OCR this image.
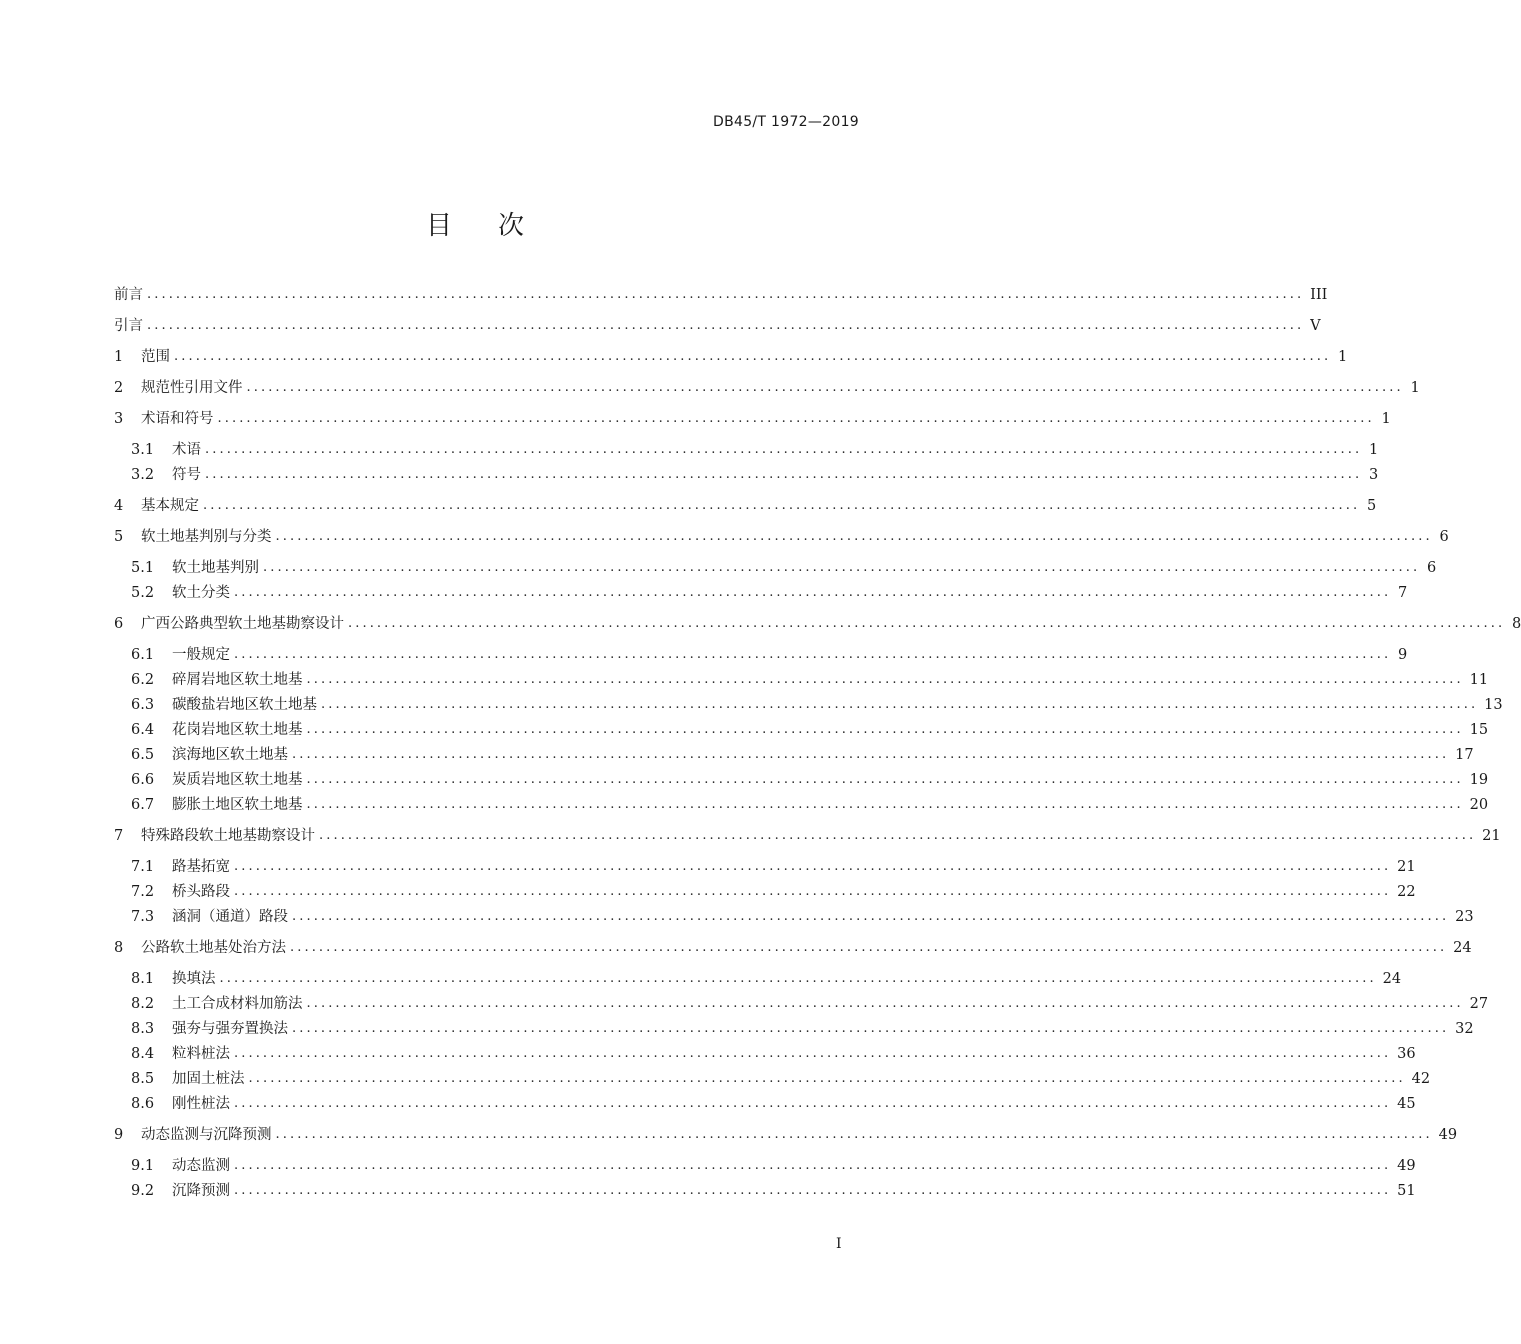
DB45/T 1972—2019
目次
前言 ................................................................................................................................................................ III
引言 ................................................................................................................................................................ V
1	范围 ................................................................................................................................................................ 1
2	规范性引用文件 ................................................................................................................................................................ 1
3	术语和符号 ................................................................................................................................................................ 1
3.1	术语 ................................................................................................................................................................ 1
3.2	符号 ................................................................................................................................................................ 3
4	基本规定 ................................................................................................................................................................ 5
5	软土地基判别与分类 ................................................................................................................................................................ 6
5.1	软土地基判别 ................................................................................................................................................................ 6
5.2	软土分类 ................................................................................................................................................................ 7
6	广西公路典型软土地基勘察设计 ................................................................................................................................................................ 8
6.1	一般规定 ................................................................................................................................................................ 9
6.2	碎屑岩地区软土地基 ................................................................................................................................................................ 11
6.3	碳酸盐岩地区软土地基 ................................................................................................................................................................ 13
6.4	花岗岩地区软土地基 ................................................................................................................................................................ 15
6.5	滨海地区软土地基 ................................................................................................................................................................ 17
6.6	炭质岩地区软土地基 ................................................................................................................................................................ 19
6.7	膨胀土地区软土地基 ................................................................................................................................................................ 20
7	特殊路段软土地基勘察设计 ................................................................................................................................................................ 21
7.1	路基拓宽 ................................................................................................................................................................ 21
7.2	桥头路段 ................................................................................................................................................................ 22
7.3	涵洞（通道）路段 ................................................................................................................................................................ 23
8	公路软土地基处治方法 ................................................................................................................................................................ 24
8.1	换填法 ................................................................................................................................................................ 24
8.2	土工合成材料加筋法 ................................................................................................................................................................ 27
8.3	强夯与强夯置换法 ................................................................................................................................................................ 32
8.4	粒料桩法 ................................................................................................................................................................ 36
8.5	加固土桩法 ................................................................................................................................................................ 42
8.6	刚性桩法 ................................................................................................................................................................ 45
9	动态监测与沉降预测 ................................................................................................................................................................ 49
9.1	动态监测 ................................................................................................................................................................ 49
9.2	沉降预测 ................................................................................................................................................................ 51
I
